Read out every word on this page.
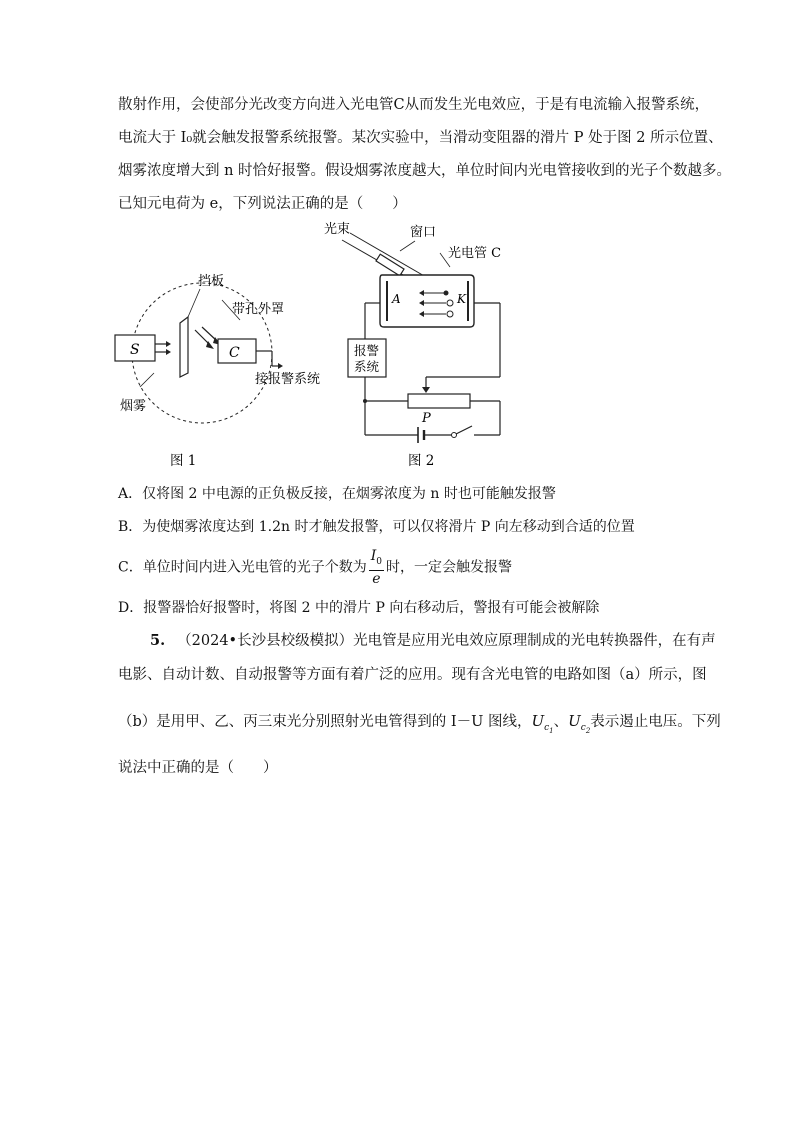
散射作用，会使部分光改变方向进入光电管C从而发生光电效应，于是有电流输入报警系统，
电流大于 I₀就会触发报警系统报警。某次实验中，当滑动变阻器的滑片 P 处于图 2 所示位置、
烟雾浓度增大到 n 时恰好报警。假设烟雾浓度越大，单位时间内光电管接收到的光子个数越多。
已知元电荷为 e，下列说法正确的是（　　）
S
挡板
C
接报警系统
带孔外罩
烟雾
图 1
光束	窗口
光电管 C
A	K
报警
系统
P
图 2
A．仅将图 2 中电源的正负极反接，在烟雾浓度为 n 时也可能触发报警
B．为使烟雾浓度达到 1.2n 时才触发报警，可以仅将滑片 P 向左移动到合适的位置
C．单位时间内进入光电管的光子个数为 $\frac{I_0}{e}$ 时，一定会触发报警
D．报警器恰好报警时，将图 2 中的滑片 P 向右移动后，警报有可能会被解除
5. （2024•长沙县校级模拟）光电管是应用光电效应原理制成的光电转换器件，在有声
电影、自动计数、自动报警等方面有着广泛的应用。现有含光电管的电路如图（a）所示，图
（b）是用甲、乙、丙三束光分别照射光电管得到的 I－U 图线，$U_{c_1}$、$U_{c_2}$表示遏止电压。下列
说法中正确的是（　　）
